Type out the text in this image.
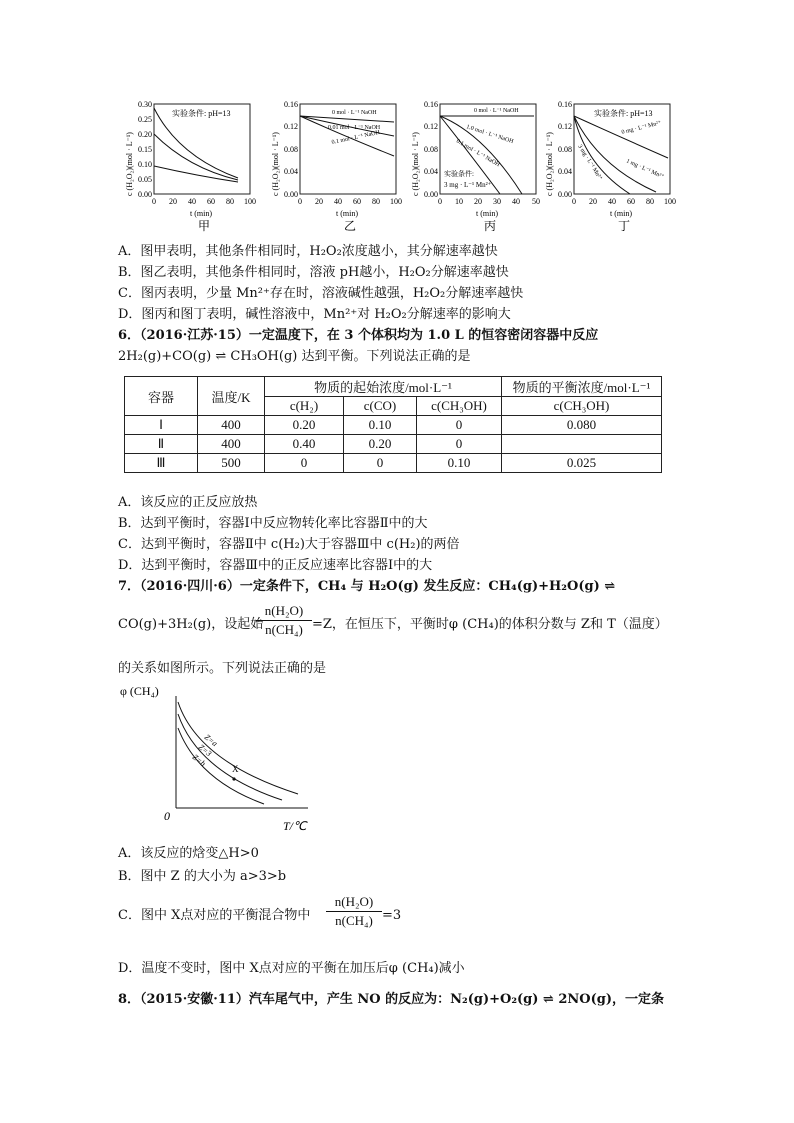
c (H₂O₂)(mol · L⁻¹)
0.30
0.25
0.20
0.15
0.10
0.05
0.00
0 20 40 60 80 100
实验条件: pH=13
t (min)
甲
c (H₂O₂)(mol · L⁻¹)
0.16
0.12
0.08
0.04
0.00
0 20 40 60 80 100
0 mol · L⁻¹ NaOH
0.01 mol · L⁻¹ NaOH
0.1 mol · L⁻¹ NaOH
t (min)
乙
c (H₂O₂)(mol · L⁻¹)
0.16
0.12
0.08
0.04
0.00
0 10 20 30 40 50
0 mol · L⁻¹ NaOH
1.0 mol · L⁻¹ NaOH
0.1 mol · L⁻¹ NaOH
实验条件:
3 mg · L⁻¹ Mn²⁺
t (min)
丙
c (H₂O₂)(mol · L⁻¹)
0.16
0.12
0.08
0.04
0.00
0 20 40 60 80 100
实验条件: pH=13
0 mg · L⁻¹ Mn²⁺
1 mg · L⁻¹ Mn²⁺
3 mg · L⁻¹ Mn²⁺
t (min)
丁
A．图甲表明，其他条件相同时，H₂O₂浓度越小，其分解速率越快
B．图乙表明，其他条件相同时，溶液 pH越小，H₂O₂分解速率越快
C．图丙表明，少量 Mn²⁺存在时，溶液碱性越强，H₂O₂分解速率越快
D．图丙和图丁表明，碱性溶液中，Mn²⁺对 H₂O₂分解速率的影响大
6．（2016·江苏·15）一定温度下，在 3 个体积均为 1.0 L 的恒容密闭容器中反应
2H₂(g)+CO(g) ⇌ CH₃OH(g) 达到平衡。下列说法正确的是
容器	温度/K	物质的起始浓度/mol·L⁻¹			物质的平衡浓度/mol·L⁻¹
		c(H₂)	c(CO)	c(CH₃OH)	c(CH₃OH)
Ⅰ	400	0.20	0.10	0	0.080
Ⅱ	400	0.40	0.20	0	
Ⅲ	500	0	0	0.10	0.025
A．该反应的正反应放热
B．达到平衡时，容器Ⅰ中反应物转化率比容器Ⅱ中的大
C．达到平衡时，容器Ⅱ中 c(H₂)大于容器Ⅲ中 c(H₂)的两倍
D．达到平衡时，容器Ⅲ中的正反应速率比容器Ⅰ中的大
7．（2016·四川·6）一定条件下，CH₄ 与 H₂O(g) 发生反应：CH₄(g)+H₂O(g) ⇌
CO(g)+3H₂(g)，设起始
n(H₂O)
n(CH₄) =Z，在恒压下，平衡时φ (CH₄)的体积分数与 Z和 T（温度）
的关系如图所示。下列说法正确的是
φ (CH₄)
0
T/℃
Z=a
Z=3
Z=b
X
A．该反应的焓变△H>0
B．图中 Z 的大小为 a>3>b
C．图中 X点对应的平衡混合物中
n(H₂O)
n(CH₄) =3
D．温度不变时，图中 X点对应的平衡在加压后φ (CH₄)减小
8．（2015·安徽·11）汽车尾气中，产生 NO 的反应为：N₂(g)+O₂(g) ⇌ 2NO(g)，一定条
